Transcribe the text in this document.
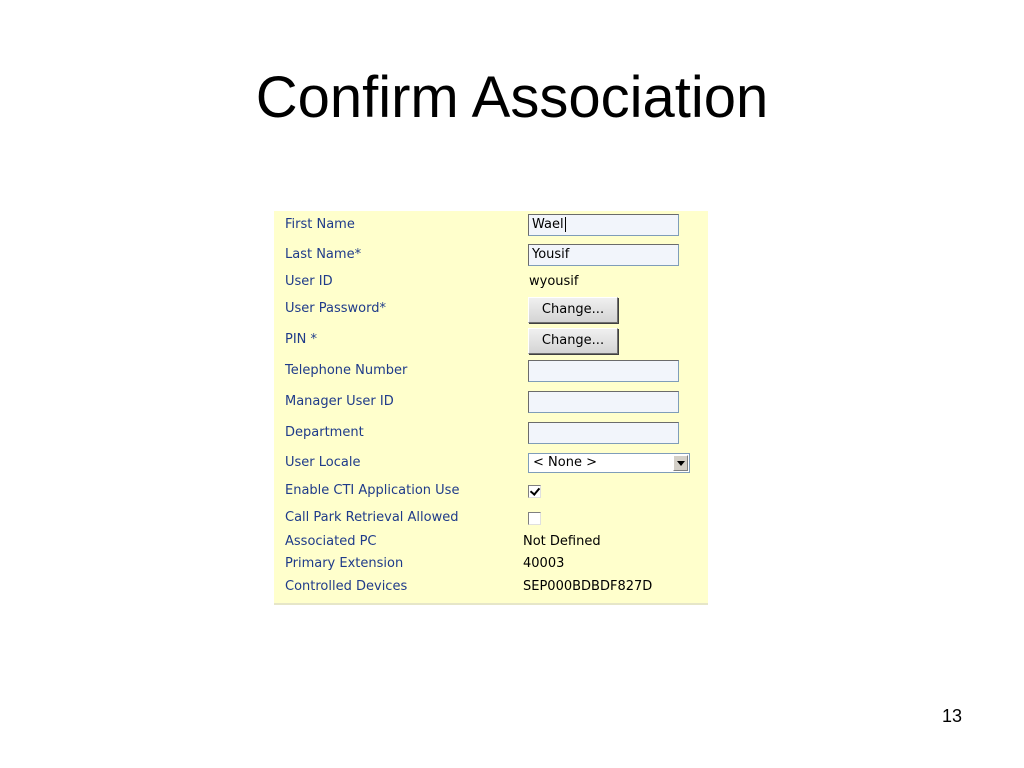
Confirm Association
First Name	Wael
Last Name*	Yousif
User ID	wyousif
User Password*	Change...
PIN *	Change...
Telephone Number
Manager User ID
Department
User Locale	< None >
Enable CTI Application Use
Call Park Retrieval Allowed
Associated PC	Not Defined
Primary Extension	40003
Controlled Devices	SEP000BDBDF827D
13
